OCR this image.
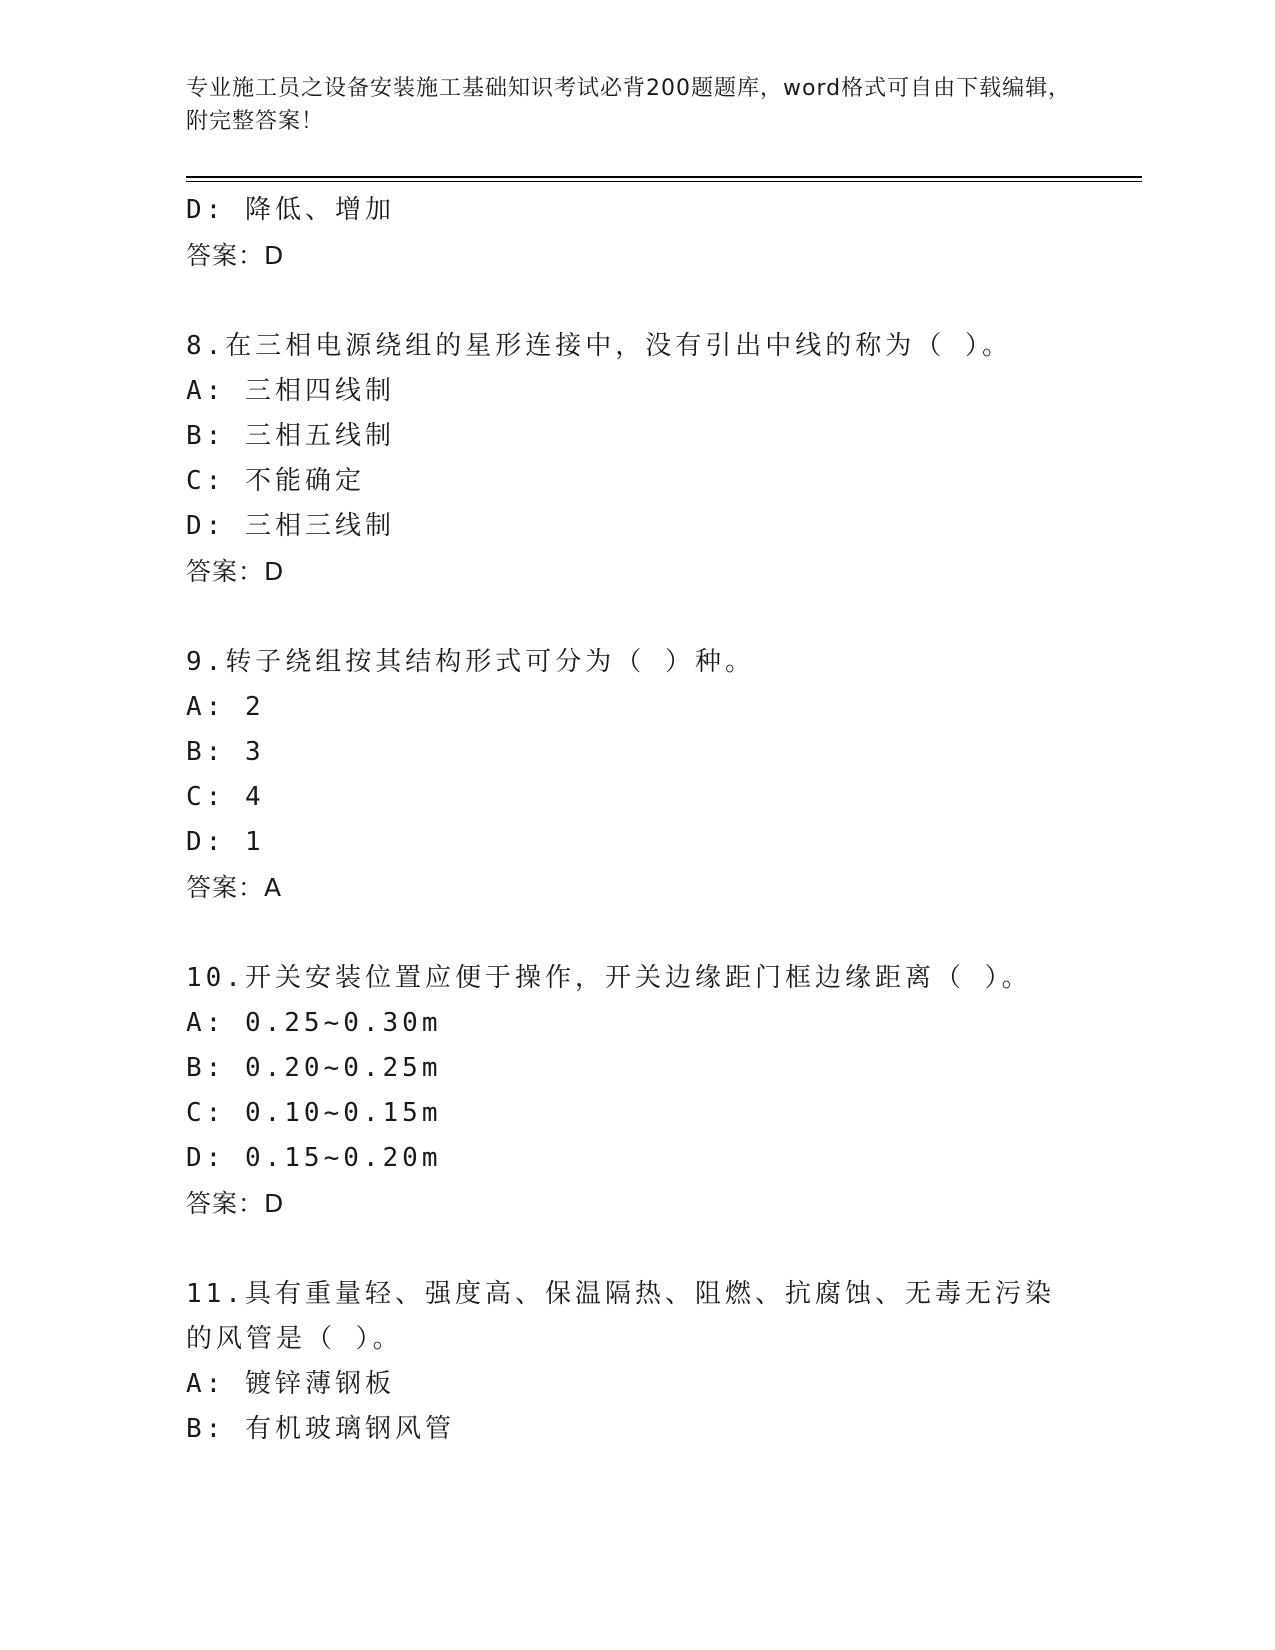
专业施工员之设备安装施工基础知识考试必背200题题库，word格式可自由下载编辑，附完整答案！
D: 降低、增加
答案：D
8.在三相电源绕组的星形连接中，没有引出中线的称为（ ）。
A: 三相四线制
B: 三相五线制
C: 不能确定
D: 三相三线制
答案：D
9.转子绕组按其结构形式可分为（ ）种。
A: 2
B: 3
C: 4
D: 1
答案：A
10.开关安装位置应便于操作，开关边缘距门框边缘距离（ ）。
A: 0.25~0.30m
B: 0.20~0.25m
C: 0.10~0.15m
D: 0.15~0.20m
答案：D
11.具有重量轻、强度高、保温隔热、阻燃、抗腐蚀、无毒无污染的风管是（ ）。
A: 镀锌薄钢板
B: 有机玻璃钢风管
